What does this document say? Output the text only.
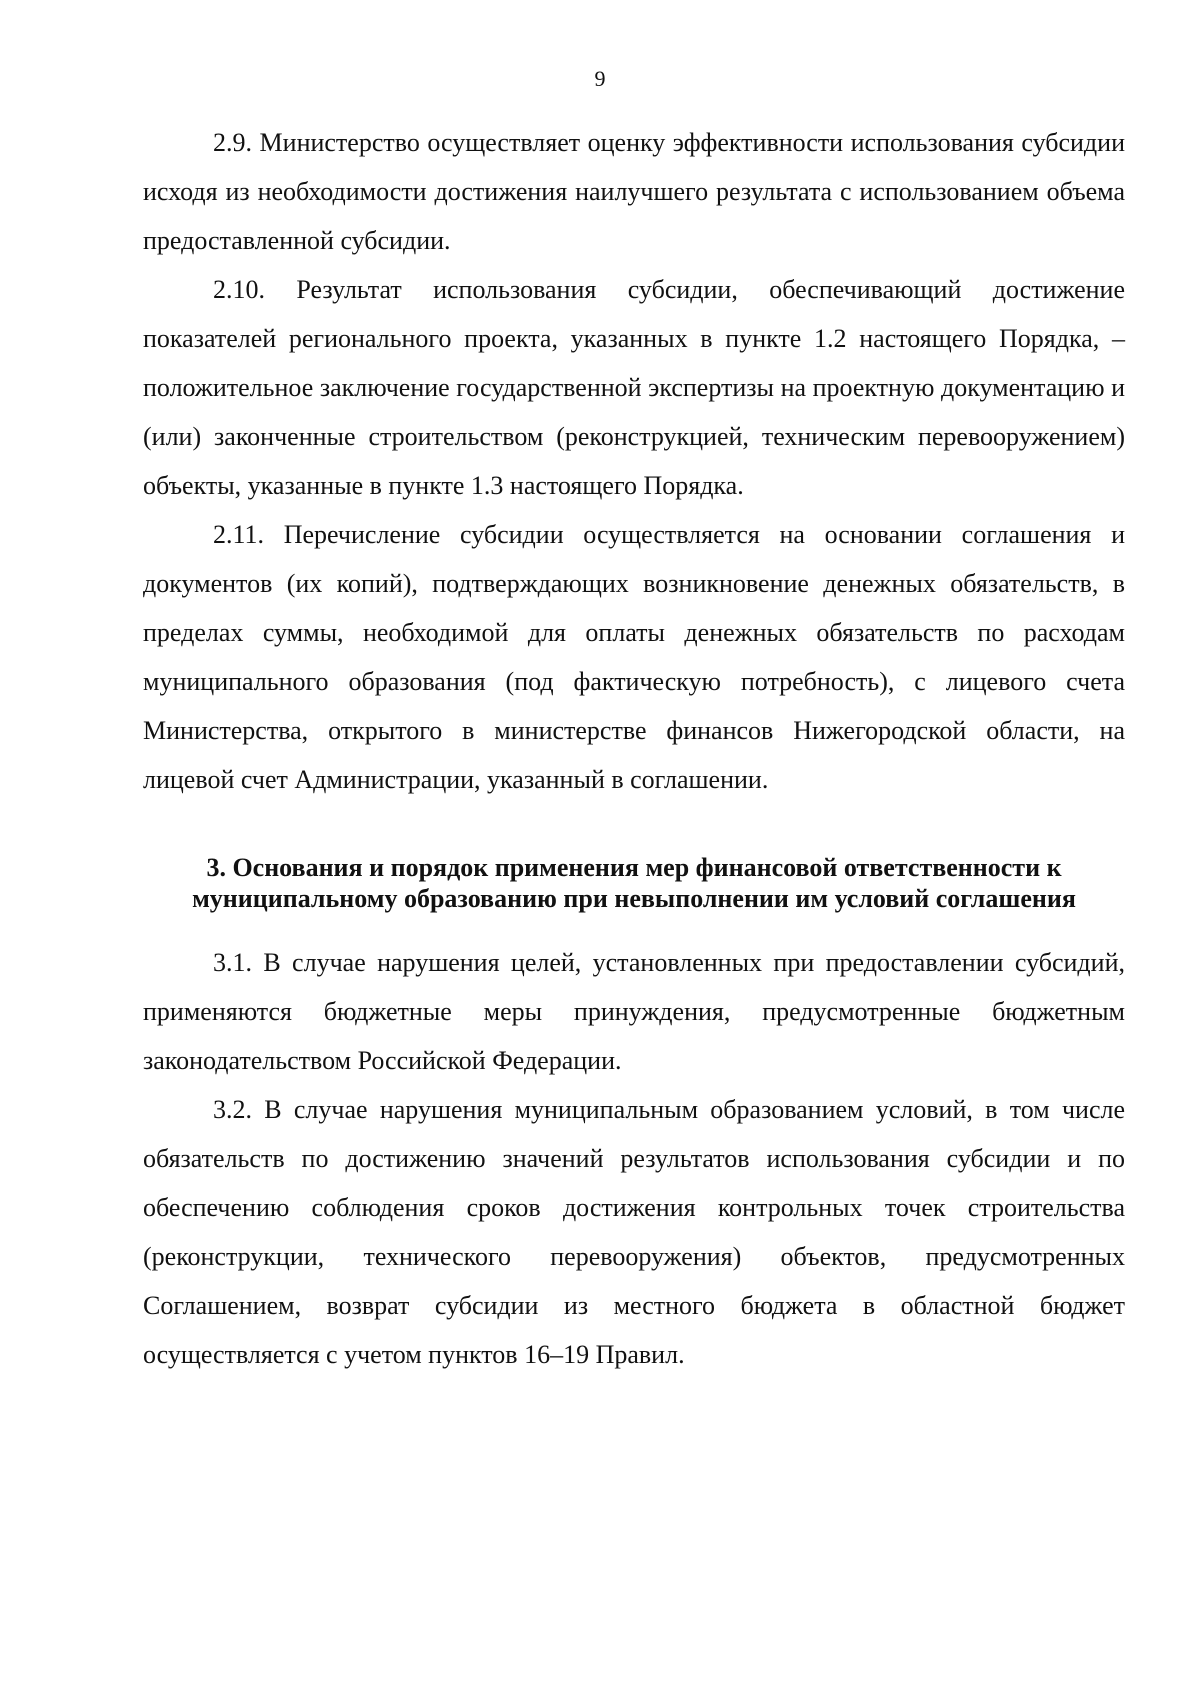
9

2.9. Министерство осуществляет оценку эффективности использования субсидии исходя из необходимости достижения наилучшего результата с использованием объема предоставленной субсидии.

2.10. Результат использования субсидии, обеспечивающий достижение показателей регионального проекта, указанных в пункте 1.2 настоящего Порядка, – положительное заключение государственной экспертизы на проектную документацию и (или) законченные строительством (реконструкцией, техническим перевооружением) объекты, указанные в пункте 1.3 настоящего Порядка.

2.11. Перечисление субсидии осуществляется на основании соглашения и документов (их копий), подтверждающих возникновение денежных обязательств, в пределах суммы, необходимой для оплаты денежных обязательств по расходам муниципального образования (под фактическую потребность), с лицевого счета Министерства, открытого в министерстве финансов Нижегородской области, на лицевой счет Администрации, указанный в соглашении.

3. Основания и порядок применения мер финансовой ответственности к муниципальному образованию при невыполнении им условий соглашения

3.1. В случае нарушения целей, установленных при предоставлении субсидий, применяются бюджетные меры принуждения, предусмотренные бюджетным законодательством Российской Федерации.

3.2. В случае нарушения муниципальным образованием условий, в том числе обязательств по достижению значений результатов использования субсидии и по обеспечению соблюдения сроков достижения контрольных точек строительства (реконструкции, технического перевооружения) объектов, предусмотренных Соглашением, возврат субсидии из местного бюджета в областной бюджет осуществляется с учетом пунктов 16–19 Правил.
